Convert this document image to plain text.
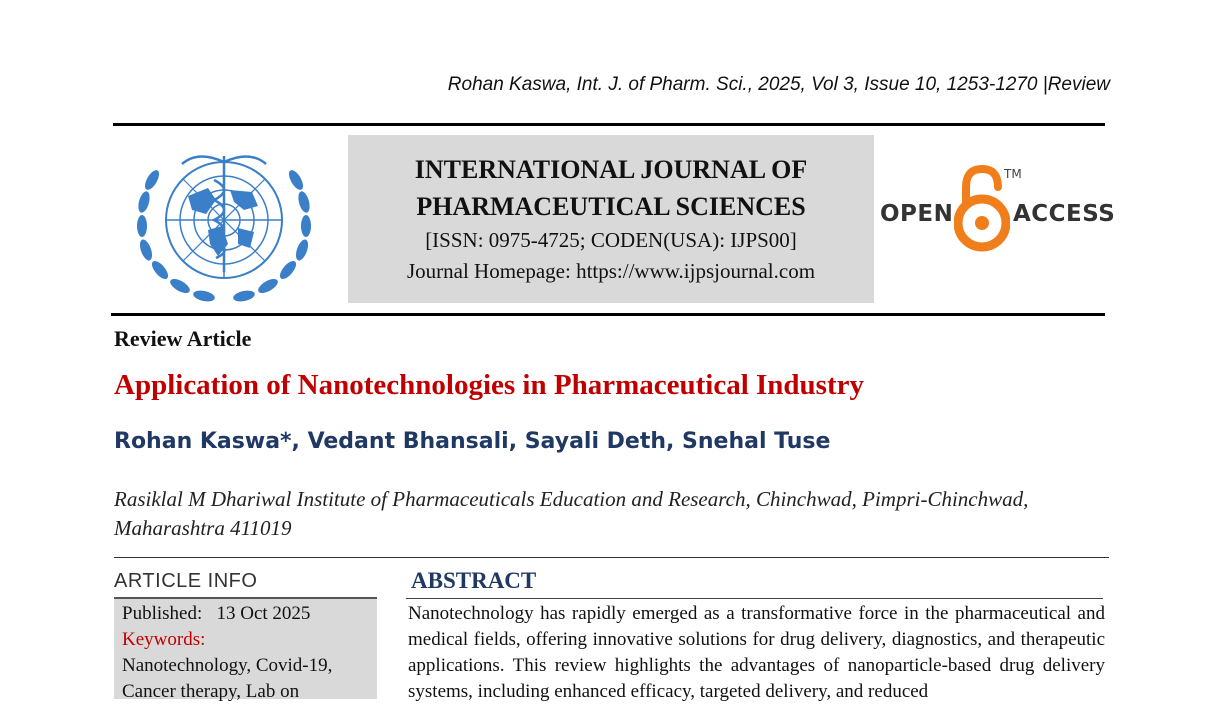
Rohan Kaswa, Int. J. of Pharm. Sci., 2025, Vol 3, Issue 10, 1253-1270 |Review
INTERNATIONAL JOURNAL OF
PHARMACEUTICAL SCIENCES
[ISSN: 0975-4725; CODEN(USA): IJPS00]
Journal Homepage: https://www.ijpsjournal.com
OPEN
TM
ACCESS
Review Article
Application of Nanotechnologies in Pharmaceutical Industry
Rohan Kaswa*, Vedant Bhansali, Sayali Deth, Snehal Tuse
Rasiklal M Dhariwal Institute of Pharmaceuticals Education and Research, Chinchwad, Pimpri-Chinchwad, Maharashtra 411019
ARTICLE INFO
Published: 13 Oct 2025
Keywords:
Nanotechnology, Covid-19,
Cancer therapy, Lab on
ABSTRACT
Nanotechnology has rapidly emerged as a transformative force in the pharmaceutical and medical fields, offering innovative solutions for drug delivery, diagnostics, and therapeutic applications. This review highlights the advantages of nanoparticle-based drug delivery systems, including enhanced efficacy, targeted delivery, and reduced
